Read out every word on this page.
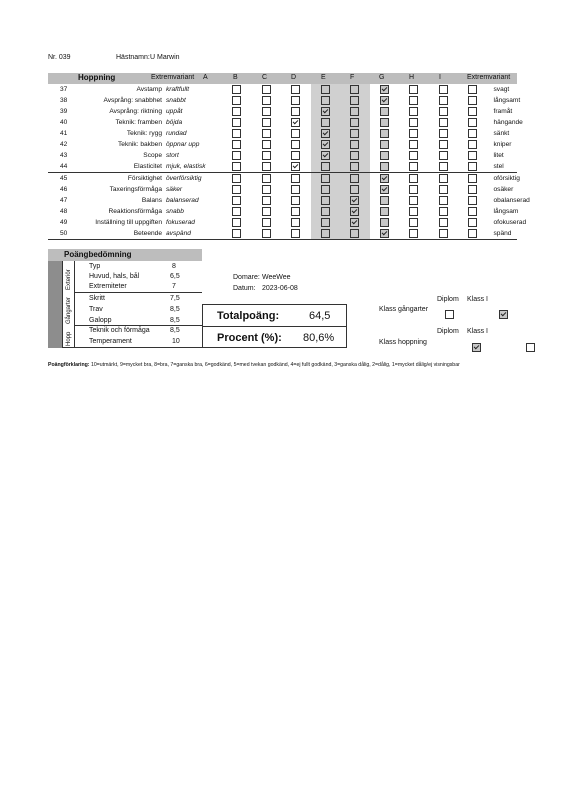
Nr. 039	Hästnamn: U Marwin
Hoppning	Extremvariant A	B	C	D	E	F	G	H	I	Extremvariant
37	Avstamp	kraftfullt										svagt
38	Avsprång: snabbhet	snabbt										långsamt
39	Avsprång: riktning	uppåt										framåt
40	Teknik: framben	böjda										hängande
41	Teknik: rygg	rundad										sänkt
42	Teknik: bakben	öppnar upp										kniper
43	Scope	stort										litet
44	Elasticitet	mjuk, elastisk										stel
45	Försiktighet	överförsiktig										oförsiktig
46	Taxeringsförmåga	säker										osäker
47	Balans	balanserad										obalanserad
48	Reaktionsförmåga	snabb										långsam
49	Inställning till uppgiften	fokuserad										ofokuserad
50	Beteende	avspänd										spänd
Poängbedömning
Exteriör
Gångarter
Hopp
Typ	8
Huvud, hals, bål	6,5
Extremiteter	7
Skritt	7,5
Trav	8,5
Galopp	8,5
Teknik och förmåga	8,5
Temperament	10
Domare: WeeWee
Datum: 2023-06-08
Totalpoäng:	64,5
Procent (%): 80,6%
Diplom Klass I
Klass gångarter

Diplom Klass I
Klass hoppning

Poängförklaring: 10=utmärkt, 9=mycket bra, 8=bra, 7=ganska bra, 6=godkänd, 5=med tvekan godkänd, 4=ej fullt godkänd, 3=ganska dålig, 2=dålig, 1=mycket dålig/ej visningsbar
